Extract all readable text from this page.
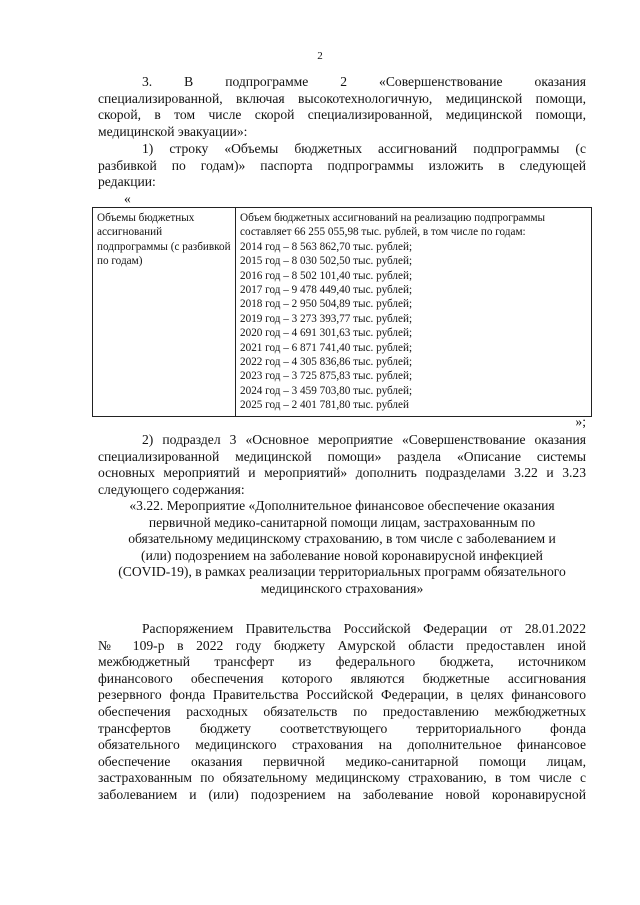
2
3. В подпрограмме 2 «Совершенствование оказания
специализированной, включая высокотехнологичную, медицинской помощи,
скорой, в том числе скорой специализированной, медицинской помощи,
медицинской эвакуации»:
1) строку «Объемы бюджетных ассигнований подпрограммы (с
разбивкой по годам)» паспорта подпрограммы изложить в следующей
редакции:
«
Объемы бюджетных ассигнований подпрограммы (с разбивкой по годам)	
Объем бюджетных ассигнований на реализацию подпрограммы составляет 66 255 055,98 тыс. рублей, в том числе по годам:
2014 год – 8 563 862,70 тыс. рублей;
2015 год – 8 030 502,50 тыс. рублей;
2016 год – 8 502 101,40 тыс. рублей;
2017 год – 9 478 449,40 тыс. рублей;
2018 год – 2 950 504,89 тыс. рублей;
2019 год – 3 273 393,77 тыс. рублей;
2020 год – 4 691 301,63 тыс. рублей;
2021 год – 6 871 741,40 тыс. рублей;
2022 год – 4 305 836,86 тыс. рублей;
2023 год – 3 725 875,83 тыс. рублей;
2024 год – 3 459 703,80 тыс. рублей;
2025 год – 2 401 781,80 тыс. рублей
»;
2) подраздел 3 «Основное мероприятие «Совершенствование оказания
специализированной медицинской помощи» раздела «Описание системы
основных мероприятий и мероприятий» дополнить подразделами 3.22 и 3.23
следующего содержания:
«3.22. Мероприятие «Дополнительное финансовое обеспечение оказания
первичной медико-санитарной помощи лицам, застрахованным по
обязательному медицинскому страхованию, в том числе с заболеванием и
(или) подозрением на заболевание новой коронавирусной инфекцией
(COVID-19), в рамках реализации территориальных программ обязательного
медицинского страхования»
Распоряжением Правительства Российской Федерации от 28.01.2022
№ 109-р в 2022 году бюджету Амурской области предоставлен иной
межбюджетный трансферт из федерального бюджета, источником
финансового обеспечения которого являются бюджетные ассигнования
резервного фонда Правительства Российской Федерации, в целях финансового
обеспечения расходных обязательств по предоставлению межбюджетных
трансфертов бюджету соответствующего территориального фонда
обязательного медицинского страхования на дополнительное финансовое
обеспечение оказания первичной медико-санитарной помощи лицам,
застрахованным по обязательному медицинскому страхованию, в том числе с
заболеванием и (или) подозрением на заболевание новой коронавирусной
